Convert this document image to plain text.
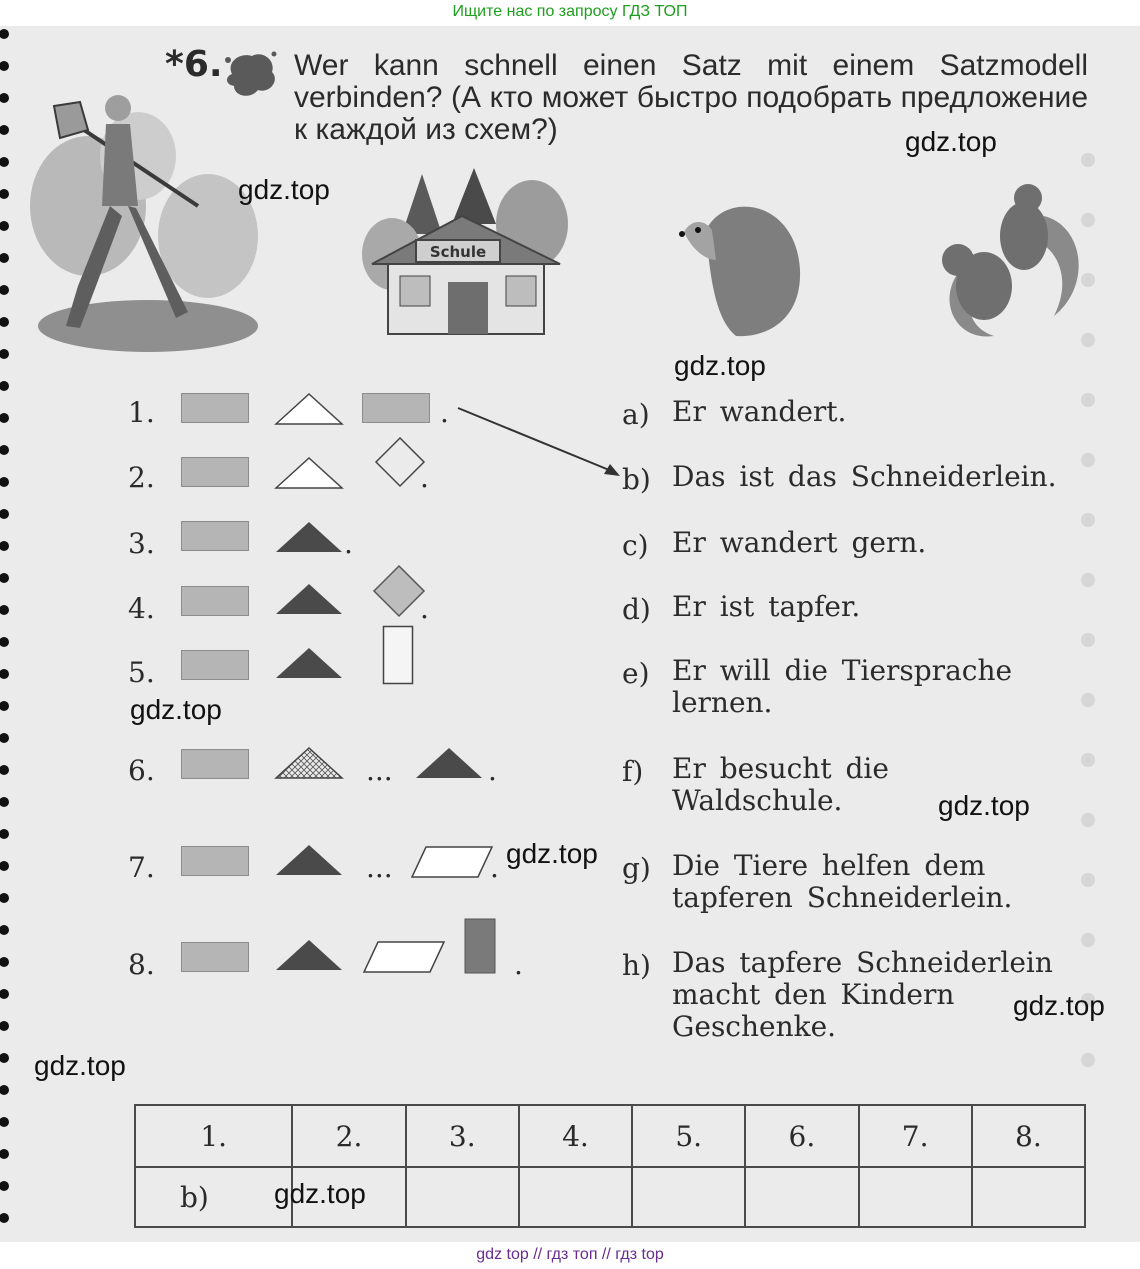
Ищите нас по запросу ГДЗ ТОП
gdz top // гдз топ // гдз top
*6. Wer kann schnell einen Satz mit einem Satzmodell verbinden? (А кто может быстро подобрать предложение к каждой из схем?)
Schule
1.	.
2.	.
3.	.
4.	.
5.
6.	...	.
7.	...	.
8.	.
a) Er wandert.
b) Das ist das Schneiderlein.
c) Er wandert gern.
d) Er ist tapfer.
e) Er will die Tiersprache
lernen.
f) Er besucht die
Waldschule.
g) Die Tiere helfen dem
tapferen Schneiderlein.
h) Das tapfere Schneiderlein
macht den Kindern
Geschenke.
1.	2.	3.	4.	5.	6.	7.	8.
b)							
gdz.top
gdz.top
gdz.top
gdz.top
gdz.top
gdz.top
gdz.top
gdz.top
gdz.top
